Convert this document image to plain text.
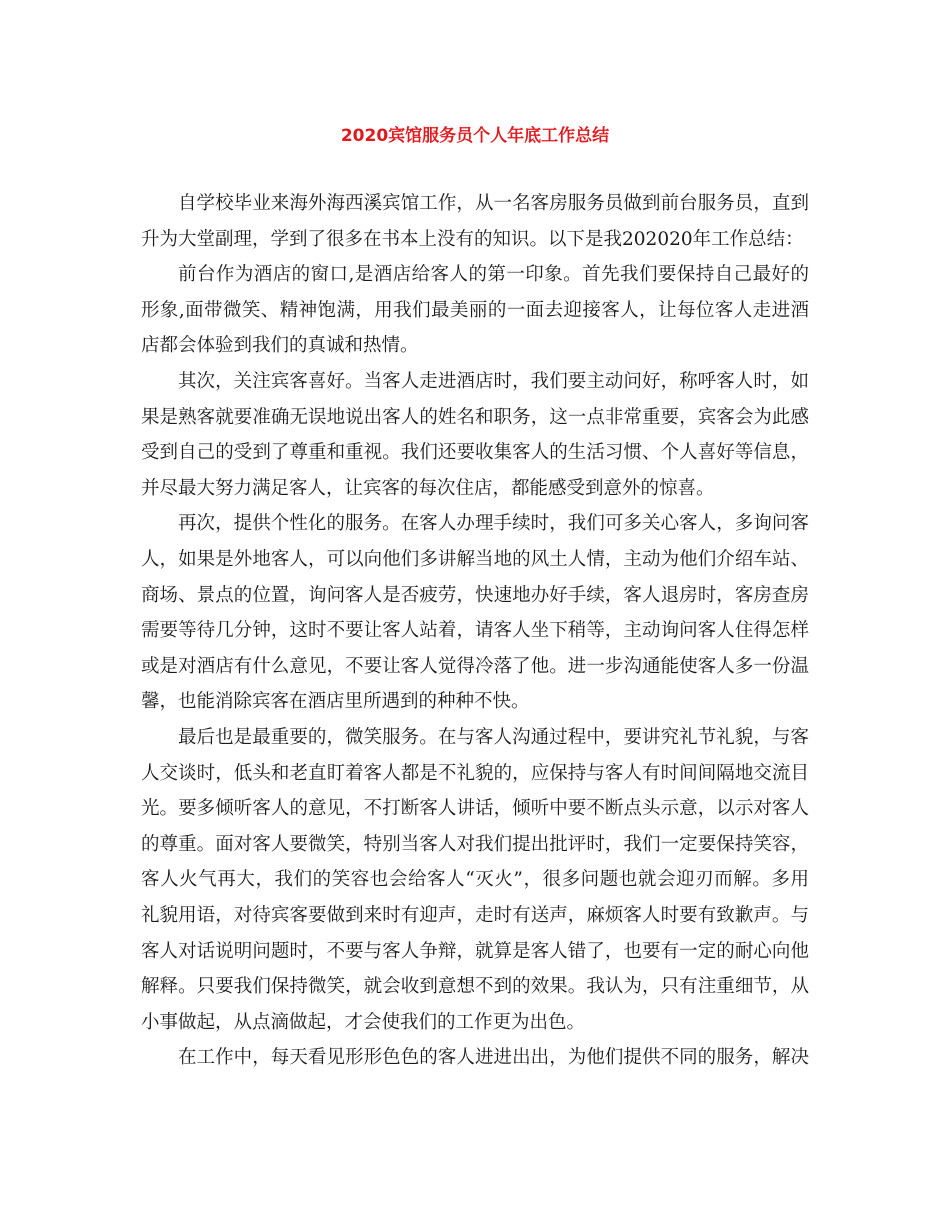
2020宾馆服务员个人年底工作总结
自学校毕业来海外海西溪宾馆工作，从一名客房服务员做到前台服务员，直到
升为大堂副理，学到了很多在书本上没有的知识。以下是我202020年工作总结：
前台作为酒店的窗口,是酒店给客人的第一印象。首先我们要保持自己最好的
形象,面带微笑、精神饱满，用我们最美丽的一面去迎接客人，让每位客人走进酒
店都会体验到我们的真诚和热情。
其次，关注宾客喜好。当客人走进酒店时，我们要主动问好，称呼客人时，如
果是熟客就要准确无误地说出客人的姓名和职务，这一点非常重要，宾客会为此感
受到自己的受到了尊重和重视。我们还要收集客人的生活习惯、个人喜好等信息，
并尽最大努力满足客人，让宾客的每次住店，都能感受到意外的惊喜。
再次，提供个性化的服务。在客人办理手续时，我们可多关心客人，多询问客
人，如果是外地客人，可以向他们多讲解当地的风土人情，主动为他们介绍车站、
商场、景点的位置，询问客人是否疲劳，快速地办好手续，客人退房时，客房查房
需要等待几分钟，这时不要让客人站着，请客人坐下稍等，主动询问客人住得怎样
或是对酒店有什么意见，不要让客人觉得冷落了他。进一步沟通能使客人多一份温
馨，也能消除宾客在酒店里所遇到的种种不快。
最后也是最重要的，微笑服务。在与客人沟通过程中，要讲究礼节礼貌，与客
人交谈时，低头和老直盯着客人都是不礼貌的，应保持与客人有时间间隔地交流目
光。要多倾听客人的意见，不打断客人讲话，倾听中要不断点头示意，以示对客人
的尊重。面对客人要微笑，特别当客人对我们提出批评时，我们一定要保持笑容，
客人火气再大，我们的笑容也会给客人“灭火”，很多问题也就会迎刃而解。多用
礼貌用语，对待宾客要做到来时有迎声，走时有送声，麻烦客人时要有致歉声。与
客人对话说明问题时，不要与客人争辩，就算是客人错了，也要有一定的耐心向他
解释。只要我们保持微笑，就会收到意想不到的效果。我认为，只有注重细节，从
小事做起，从点滴做起，才会使我们的工作更为出色。
在工作中，每天看见形形色色的客人进进出出，为他们提供不同的服务，解决
